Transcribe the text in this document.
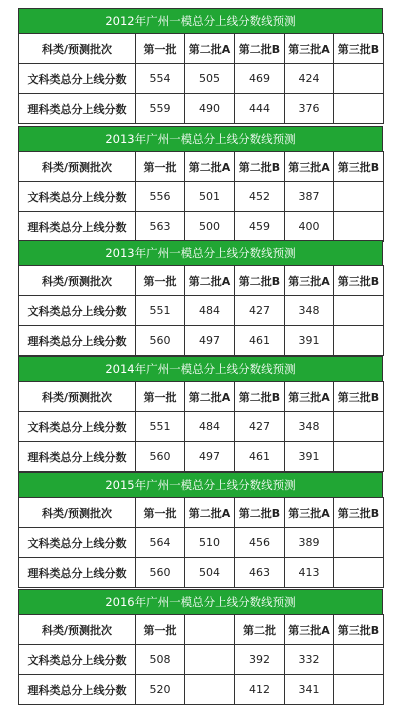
2012年广州一模总分上线分数线预测
科类/预测批次	第一批	第二批A	第二批B	第三批A	第三批B
文科类总分上线分数	554	505	469	424	
理科类总分上线分数	559	490	444	376	
2013年广州一模总分上线分数线预测
科类/预测批次	第一批	第二批A	第二批B	第三批A	第三批B
文科类总分上线分数	556	501	452	387	
理科类总分上线分数	563	500	459	400	
2013年广州一模总分上线分数线预测
科类/预测批次	第一批	第二批A	第二批B	第三批A	第三批B
文科类总分上线分数	551	484	427	348	
理科类总分上线分数	560	497	461	391	
2014年广州一模总分上线分数线预测
科类/预测批次	第一批	第二批A	第二批B	第三批A	第三批B
文科类总分上线分数	551	484	427	348	
理科类总分上线分数	560	497	461	391	
2015年广州一模总分上线分数线预测
科类/预测批次	第一批	第二批A	第二批B	第三批A	第三批B
文科类总分上线分数	564	510	456	389	
理科类总分上线分数	560	504	463	413	
2016年广州一模总分上线分数线预测
科类/预测批次	第一批		第二批	第三批A	第三批B
文科类总分上线分数	508		392	332	
理科类总分上线分数	520		412	341	
